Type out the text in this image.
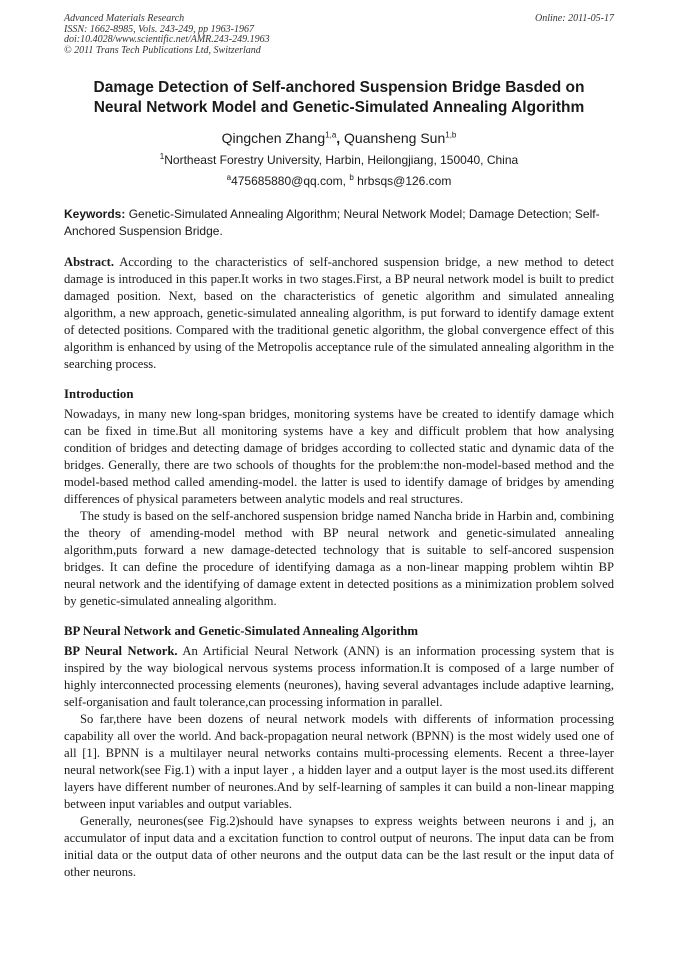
Advanced Materials Research
ISSN: 1662-8985, Vols. 243-249, pp 1963-1967
doi:10.4028/www.scientific.net/AMR.243-249.1963
© 2011 Trans Tech Publications Ltd, Switzerland
Online: 2011-05-17
Damage Detection of Self-anchored Suspension Bridge Basded on
Neural Network Model and Genetic-Simulated Annealing Algorithm
Qingchen Zhang$^{1,a}$, Quansheng Sun$^{1,b}$
$^1$Northeast Forestry University, Harbin, Heilongjiang, 150040, China
$^a$475685880@qq.com, $^b$ hrbsqs@126.com
Keywords: Genetic-Simulated Annealing Algorithm; Neural Network Model; Damage Detection; Self-Anchored Suspension Bridge.
Abstract. According to the characteristics of self-anchored suspension bridge, a new method to detect damage is introduced in this paper.It works in two stages.First, a BP neural network model is built to predict damaged position. Next, based on the characteristics of genetic algorithm and simulated annealing algorithm, a new approach, genetic-simulated annealing algorithm, is put forward to identify damage extent of detected positions. Compared with the traditional genetic algorithm, the global convergence effect of this algorithm is enhanced by using of the Metropolis acceptance rule of the simulated annealing algorithm in the searching process.
Introduction
Nowadays, in many new long-span bridges, monitoring systems have be created to identify damage which can be fixed in time.But all monitoring systems have a key and difficult problem that how analysing condition of bridges and detecting damage of bridges according to collected static and dynamic data of the bridges. Generally, there are two schools of thoughts for the problem:the non-model-based method and the model-based method called amending-model. the latter is used to identify damage of bridges by amending differences of physical parameters between analytic models and real structures.
The study is based on the self-anchored suspension bridge named Nancha bride in Harbin and, combining the theory of amending-model method with BP neural network and genetic-simulated annealing algorithm,puts forward a new damage-detected technology that is suitable to self-ancored suspension bridges. It can define the procedure of identifying damaga as a non-linear mapping problem wihtin BP neural network and the identifying of damage extent in detected positions as a minimization problem solved by genetic-simulated annealing algorithm.
BP Neural Network and Genetic-Simulated Annealing Algorithm
BP Neural Network. An Artificial Neural Network (ANN) is an information processing system that is inspired by the way biological nervous systems process information.It is composed of a large number of highly interconnected processing elements (neurones), having several advantages include adaptive learning, self-organisation and fault tolerance,can processing information in parallel.
So far,there have been dozens of neural network models with differents of information processing capability all over the world. And back-propagation neural network (BPNN) is the most widely used one of all [1]. BPNN is a multilayer neural networks contains multi-processing elements. Recent a three-layer neural network(see Fig.1) with a input layer , a hidden layer and a output layer is the most used.its different layers have different number of neurones.And by self-learning of samples it can build a non-linear mapping between input variables and output variables.
Generally, neurones(see Fig.2)should have synapses to express weights between neurons i and j, an accumulator of input data and a excitation function to control output of neurons. The input data can be from initial data or the output data of other neurons and the output data can be the last result or the input data of other neurons.
